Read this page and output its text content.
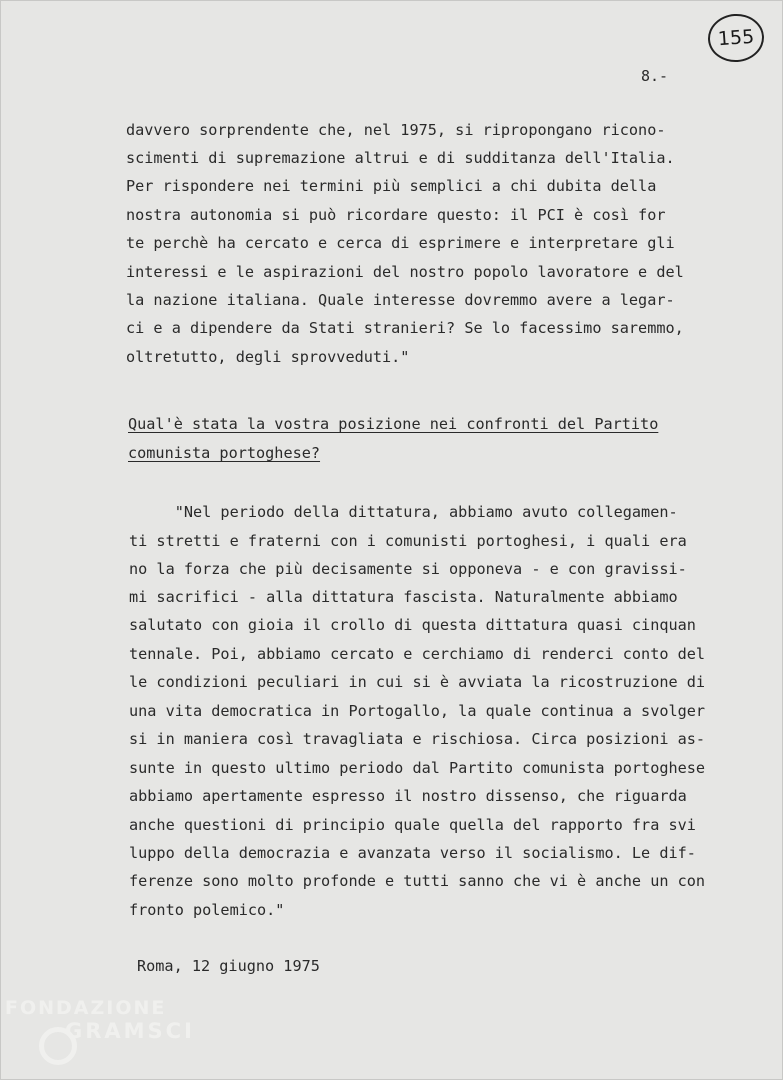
155
8.-
davvero sorprendente che, nel 1975, si ripropongano ricono-
scimenti di supremazione altrui e di sudditanza dell'Italia.
Per rispondere nei termini più semplici a chi dubita della
nostra autonomia si può ricordare questo: il PCI è così for
te perchè ha cercato e cerca di esprimere e interpretare gli
interessi e le aspirazioni del nostro popolo lavoratore e del
la nazione italiana. Quale interesse dovremmo avere a legar-
ci e a dipendere da Stati stranieri? Se lo facessimo saremmo,
oltretutto, degli sprovveduti."
Qual'è stata la vostra posizione nei confronti del Partito
comunista portoghese?
"Nel periodo della dittatura, abbiamo avuto collegamen-
ti stretti e fraterni con i comunisti portoghesi, i quali era
no la forza che più decisamente si opponeva - e con gravissi-
mi sacrifici - alla dittatura fascista. Naturalmente abbiamo
salutato con gioia il crollo di questa dittatura quasi cinquan
tennale. Poi, abbiamo cercato e cerchiamo di renderci conto del
le condizioni peculiari in cui si è avviata la ricostruzione di
una vita democratica in Portogallo, la quale continua a svolger
si in maniera così travagliata e rischiosa. Circa posizioni as-
sunte in questo ultimo periodo dal Partito comunista portoghese
abbiamo apertamente espresso il nostro dissenso, che riguarda
anche questioni di principio quale quella del rapporto fra svi
luppo della democrazia e avanzata verso il socialismo. Le dif-
ferenze sono molto profonde e tutti sanno che vi è anche un con
fronto polemico."
Roma, 12 giugno 1975
FONDAZIONE
GRAMSCI
